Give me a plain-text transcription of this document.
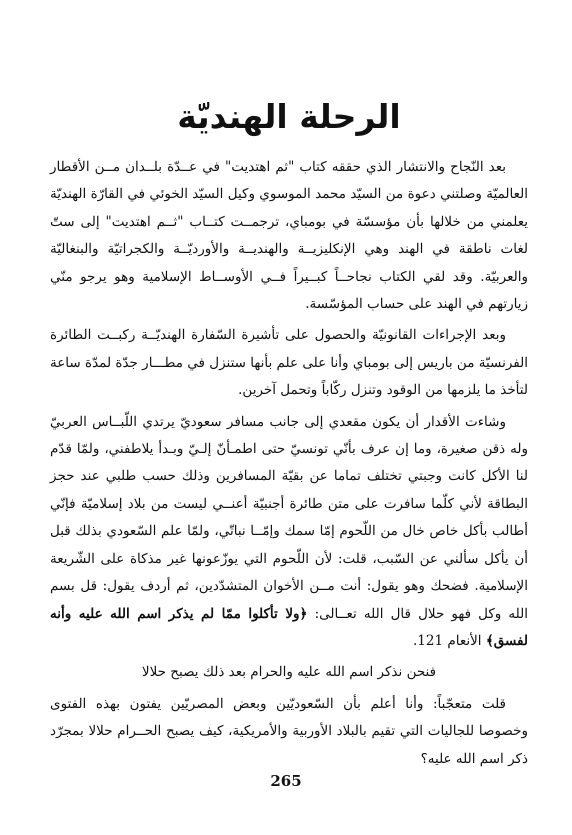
الرحلة الهنديّة

بعد النّجاح والانتشار الذي حققه كتاب "ثم اهتديت" في عــدّة بلــدان مــن الأقطار العالميّة وصلتني دعوة من السيّد محمد الموسوي وكيل السيّد الخوئي في القارّة الهنديّة يعلمني من خلالها بأن مؤسسّة في بومباي، ترجمــت كتــاب "ثــم اهتديت" إلى ستّ لغات ناطقة في الهند وهي الإنكليزيــة والهنديــة والأورديّــة والكجراتيّة والبنغاليّة والعربيّة. وقد لقي الكتاب نجاحــاً كبــيراً فــي الأوســاط الإسلامية وهو يرجو منّي زيارتهم في الهند على حساب المؤسّسة.

وبعد الإجراءات القانونيّة والحصول على تأشيرة السّفارة الهنديّــة ركبــت الطائرة الفرنسيّة من باريس إلى بومباي وأنا على علم بأنها ستنزل في مطـــار جدّة لمدّة ساعة لتأخذ ما يلزمها من الوقود وتنزل ركّاباً وتحمل آخرين.

وشاءت الأقدار أن يكون مقعدي إلى جانب مسافر سعوديّ يرتدي اللّبــاس العربيّ وله ذقن صغيرة، وما إن عرف بأنّي تونسيّ حتى اطمـأنّ إلـيّ وبـدأ يلاطفني، ولمّا قدّم لنا الأكل كانت وجبتي تختلف تماما عن بقيّة المسافرين وذلك حسب طلبي عند حجز البطاقة لأني كلّما سافرت على متن طائرة أجنبيّة أعنــي ليست من بلاد إسلاميّة فإنّي أطالب بأكل خاص خال من اللّحوم إمّا سمك وإمّــا نباتّي، ولمّا علم السّعودي بذلك قبل أن يأكل سألني عن السّبب، قلت: لأن اللّحوم التي يوزّعونها غير مذكاة على الشّريعة الإسلامية. فضحك وهو يقول: أنت مــن الأخوان المتشدّدين، ثم أردف يقول: قل بسم الله وكل فهو حلال قال الله تعــالى: ﴿ولا تأكلوا ممّا لم يذكر اسم الله عليه وأنه لفسق﴾ الأنعام 121.

فنحن نذكر اسم الله عليه والحرام بعد ذلك يصبح حلالا

قلت متعجّباً: وأنا أعلم بأن السّعوديّين وبعض المصريّين يفتون بهذه الفتوى وخصوصا للجاليات التي تقيم بالبلاد الأوربية والأمريكية، كيف يصبح الحــرام حلالا بمجرّد ذكر اسم الله عليه؟

265
